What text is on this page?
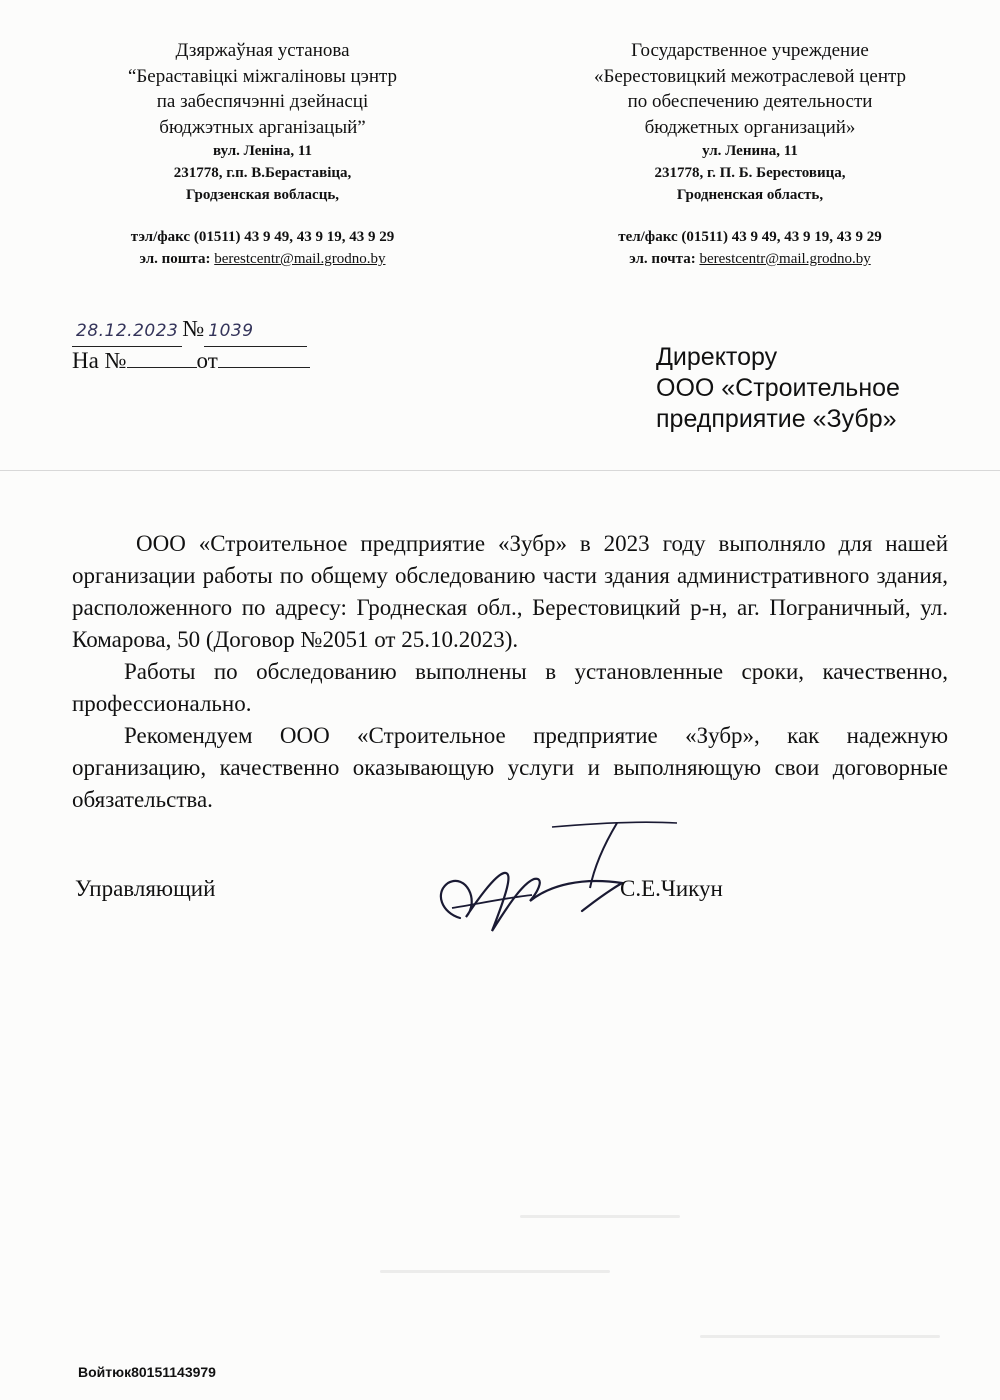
Дзяржаўная установа
“Бераставіцкі міжгаліновы цэнтр
па забеспячэнні дзейнасці
бюджэтных арганізацый”
вул. Леніна, 11
231778, г.п. В.Бераставіца,
Гродзенская вобласць,
тэл/факс (01511) 43 9 49, 43 9 19, 43 9 29
эл. пошта: berestcentr@mail.grodno.by
Государственное учреждение
«Берестовицкий межотраслевой центр
по обеспечению деятельности
бюджетных организаций»
ул. Ленина, 11
231778, г. П. Б. Берестовица,
Гродненская область,
тел/факс (01511) 43 9 49, 43 9 19, 43 9 29
эл. почта: berestcentr@mail.grodno.by
28.12.2023 № 1039
На №	от	Директору
ООО «Строительное
предприятие «Зубр»

ООО «Строительное предприятие «Зубр» в 2023 году выполняло для нашей организации работы по общему обследованию части здания административного здания, расположенного по адресу: Гроднеская обл., Берестовицкий р-н, аг. Пограничный, ул. Комарова, 50 (Договор №2051 от 25.10.2023).

Работы по обследованию выполнены в установленные сроки, качественно, профессионально.

Рекомендуем ООО «Строительное предприятие «Зубр», как надежную организацию, качественно оказывающую услуги и выполняющую свои договорные обязательства.

Управляющий	С.Е.Чикун
Войтюк80151143979
